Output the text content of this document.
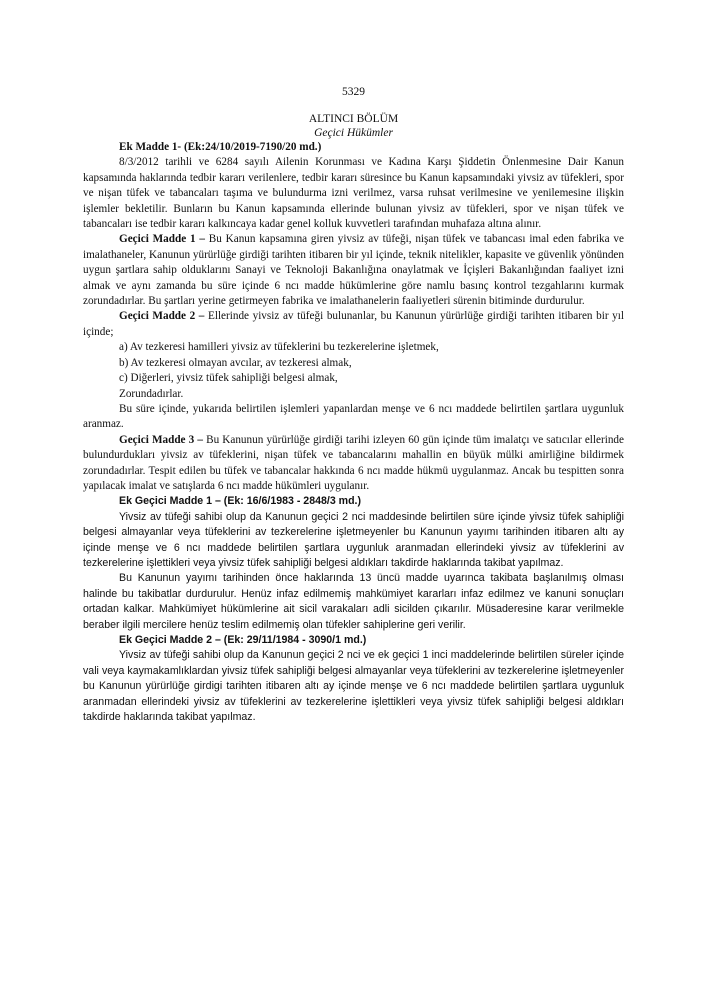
5329
ALTINCI BÖLÜM
Geçici Hükümler

Ek Madde 1- (Ek:24/10/2019-7190/20 md.)

8/3/2012 tarihli ve 6284 sayılı Ailenin Korunması ve Kadına Karşı Şiddetin Önlenmesine Dair Kanun kapsamında haklarında tedbir kararı verilenlere, tedbir kararı süresince bu Kanun kapsamındaki yivsiz av tüfekleri, spor ve nişan tüfek ve tabancaları taşıma ve bulundurma izni verilmez, varsa ruhsat verilmesine ve yenilemesine ilişkin işlemler bekletilir. Bunların bu Kanun kapsamında ellerinde bulunan yivsiz av tüfekleri, spor ve nişan tüfek ve tabancaları ise tedbir kararı kalkıncaya kadar genel kolluk kuvvetleri tarafından muhafaza altına alınır.

Geçici Madde 1 – Bu Kanun kapsamına giren yivsiz av tüfeği, nişan tüfek ve tabancası imal eden fabrika ve imalathaneler, Kanunun yürürlüğe girdiği tarihten itibaren bir yıl içinde, teknik nitelikler, kapasite ve güvenlik yönünden uygun şartlara sahip olduklarını Sanayi ve Teknoloji Bakanlığına onaylatmak ve İçişleri Bakanlığından faaliyet izni almak ve aynı zamanda bu süre içinde 6 ncı madde hükümlerine göre namlu basınç kontrol tezgahlarını kurmak zorundadırlar. Bu şartları yerine getirmeyen fabrika ve imalathanelerin faaliyetleri sürenin bitiminde durdurulur.

Geçici Madde 2 – Ellerinde yivsiz av tüfeği bulunanlar, bu Kanunun yürürlüğe girdiği tarihten itibaren bir yıl içinde;

a) Av tezkeresi hamilleri yivsiz av tüfeklerini bu tezkerelerine işletmek,

b) Av tezkeresi olmayan avcılar, av tezkeresi almak,

c) Diğerleri, yivsiz tüfek sahipliği belgesi almak,

Zorundadırlar.

Bu süre içinde, yukarıda belirtilen işlemleri yapanlardan menşe ve 6 ncı maddede belirtilen şartlara uygunluk aranmaz.

Geçici Madde 3 – Bu Kanunun yürürlüğe girdiği tarihi izleyen 60 gün içinde tüm imalatçı ve satıcılar ellerinde bulundurdukları yivsiz av tüfeklerini, nişan tüfek ve tabancalarını mahallin en büyük mülki amirliğine bildirmek zorundadırlar. Tespit edilen bu tüfek ve tabancalar hakkında 6 ncı madde hükmü uygulanmaz. Ancak bu tespitten sonra yapılacak imalat ve satışlarda 6 ncı madde hükümleri uygulanır.

Ek Geçici Madde 1 – (Ek: 16/6/1983 - 2848/3 md.)

Yivsiz av tüfeği sahibi olup da Kanunun geçici 2 nci maddesinde belirtilen süre içinde yivsiz tüfek sahipliği belgesi almayanlar veya tüfeklerini av tezkerelerine işletmeyenler bu Kanunun yayımı tarihinden itibaren altı ay içinde menşe ve 6 ncı maddede belirtilen şartlara uygunluk aranmadan ellerindeki yivsiz av tüfeklerini av tezkerelerine işlettikleri veya yivsiz tüfek sahipliği belgesi aldıkları takdirde haklarında takibat yapılmaz.

Bu Kanunun yayımı tarihinden önce haklarında 13 üncü madde uyarınca takibata başlanılmış olması halinde bu takibatlar durdurulur. Henüz infaz edilmemiş mahkümiyet kararları infaz edilmez ve kanuni sonuçları ortadan kalkar. Mahkümiyet hükümlerine ait sicil varakaları adli sicilden çıkarılır. Müsaderesine karar verilmekle beraber ilgili mercilere henüz teslim edilmemiş olan tüfekler sahiplerine geri verilir.

Ek Geçici Madde 2 – (Ek: 29/11/1984 - 3090/1 md.)

Yivsiz av tüfeği sahibi olup da Kanunun geçici 2 nci ve ek geçici 1 inci maddelerinde belirtilen süreler içinde vali veya kaymakamlıklardan yivsiz tüfek sahipliği belgesi almayanlar veya tüfeklerini av tezkerelerine işletmeyenler bu Kanunun yürürlüğe girdigi tarihten itibaren altı ay içinde menşe ve 6 ncı maddede belirtilen şartlara uygunluk aranmadan ellerindeki yivsiz av tüfeklerini av tezkerelerine işlettikleri veya yivsiz tüfek sahipliği belgesi aldıkları takdirde haklarında takibat yapılmaz.
